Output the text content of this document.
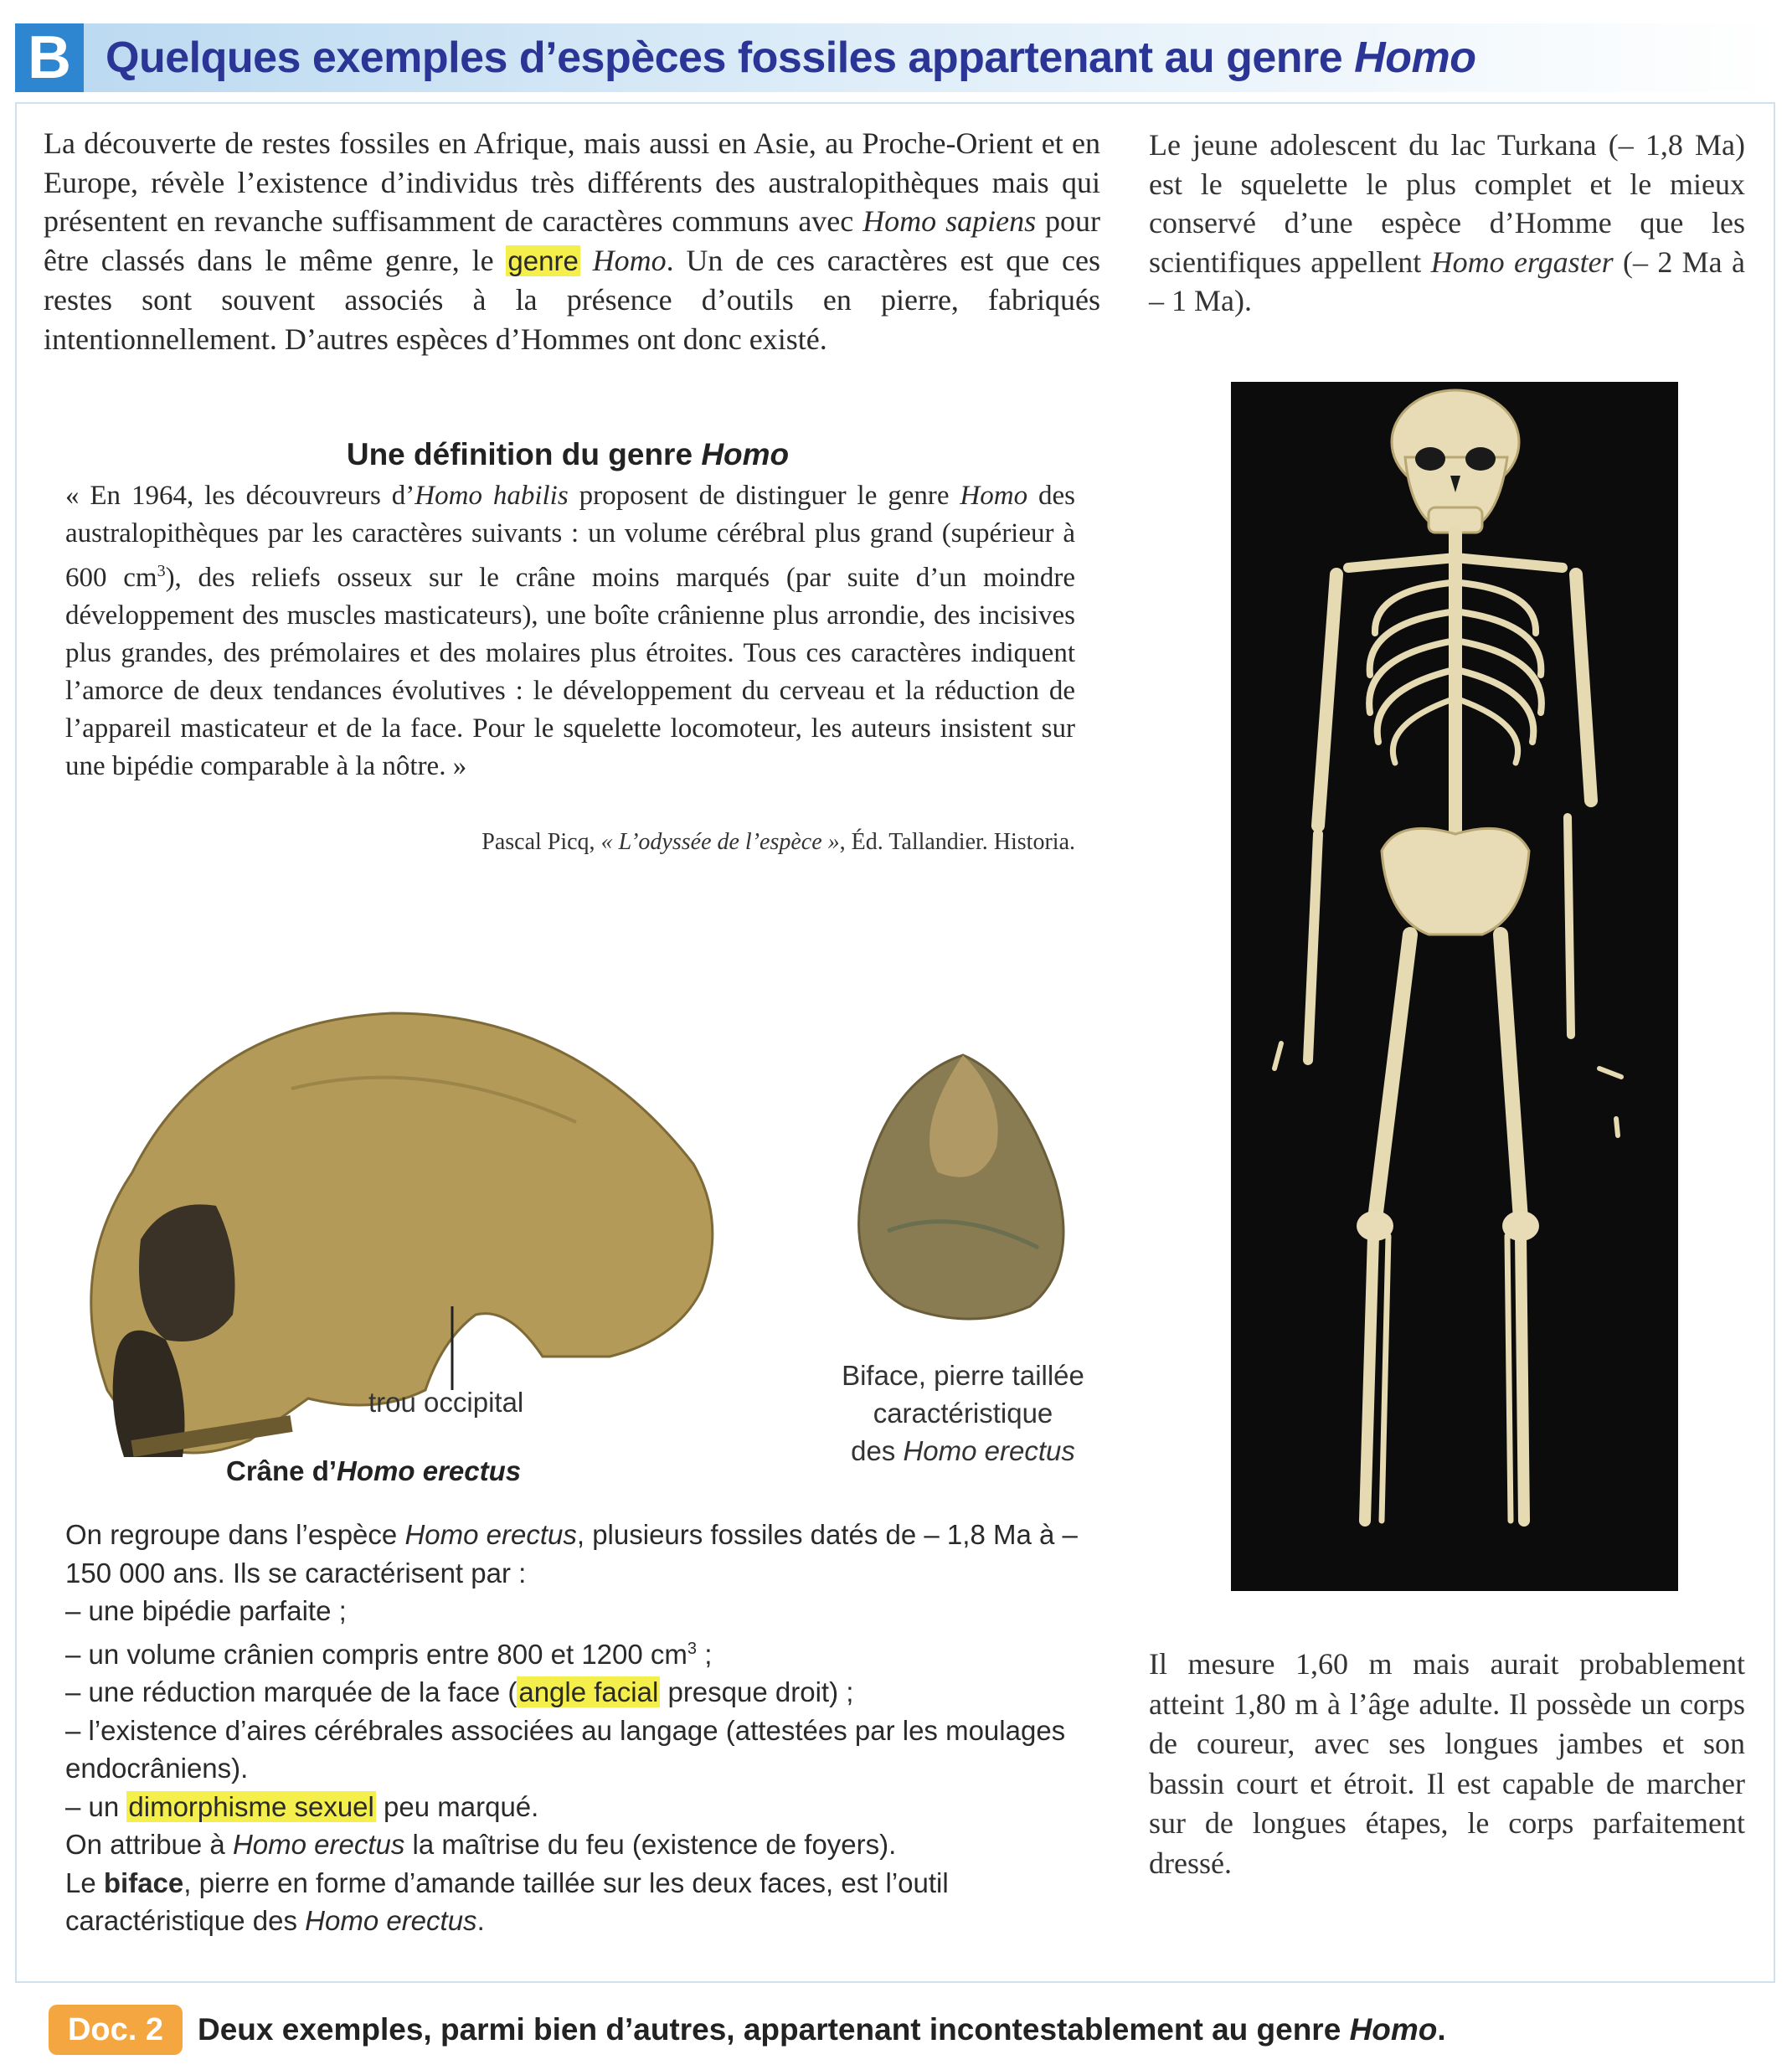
B Quelques exemples d’espèces fossiles appartenant au genre Homo
La découverte de restes fossiles en Afrique, mais aussi en Asie, au Proche-Orient et en Europe, révèle l’existence d’individus très différents des australopithèques mais qui présentent en revanche suffisamment de caractères communs avec Homo sapiens pour être classés dans le même genre, le genre Homo. Un de ces caractères est que ces restes sont souvent associés à la présence d’outils en pierre, fabriqués intentionnellement. D’autres espèces d’Hommes ont donc existé.
Une définition du genre Homo
« En 1964, les découvreurs d’Homo habilis proposent de distinguer le genre Homo des australopithèques par les caractères suivants : un volume cérébral plus grand (supérieur à 600 $cm^3$), des reliefs osseux sur le crâne moins marqués (par suite d’un moindre développement des muscles masticateurs), une boîte crânienne plus arrondie, des incisives plus grandes, des prémolaires et des molaires plus étroites. Tous ces caractères indiquent l’amorce de deux tendances évolutives : le développement du cerveau et la réduction de l’appareil masticateur et de la face. Pour le squelette locomoteur, les auteurs insistent sur une bipédie comparable à la nôtre. »
Pascal Picq, « L’odyssée de l’espèce », Éd. Tallandier. Historia.
Le jeune adolescent du lac Turkana (– 1,8 Ma) est le squelette le plus complet et le mieux conservé d’une espèce d’Homme que les scientifiques appellent Homo ergaster (– 2 Ma à – 1 Ma).
Il mesure 1,60 m mais aurait probablement atteint 1,80 m à l’âge adulte. Il possède un corps de coureur, avec ses longues jambes et son bassin court et étroit. Il est capable de marcher sur de longues étapes, le corps parfaitement dressé.
trou occipital
Crâne d’Homo erectus
Biface, pierre taillée
caractéristique
des Homo erectus

On regroupe dans l’espèce Homo erectus, plusieurs fossiles datés de – 1,8 Ma à – 150 000 ans. Ils se caractérisent par :

– une bipédie parfaite ;

– un volume crânien compris entre 800 et 1200 $cm^3$ ;

– une réduction marquée de la face (angle facial presque droit) ;

– l’existence d’aires cérébrales associées au langage (attestées par les moulages endocrâniens).

– un dimorphisme sexuel peu marqué.

On attribue à Homo erectus la maîtrise du feu (existence de foyers).

Le biface, pierre en forme d’amande taillée sur les deux faces, est l’outil caractéristique des Homo erectus.

Doc. 2	Deux exemples, parmi bien d’autres, appartenant incontestablement au genre Homo.
